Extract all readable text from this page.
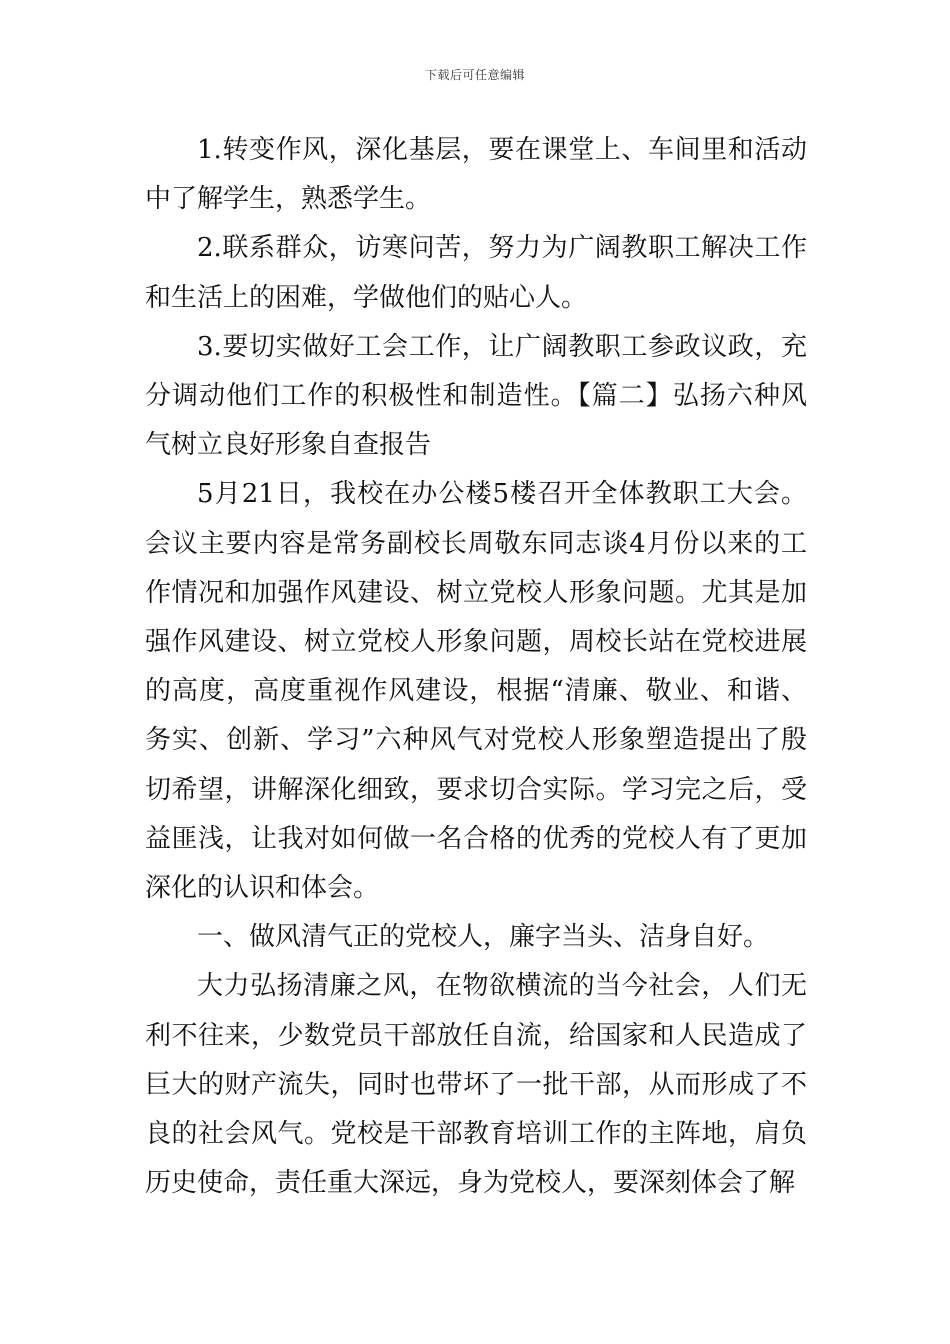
下载后可任意编辑

1.转变作风，深化基层，要在课堂上、车间里和活动中了解学生，熟悉学生。

2.联系群众，访寒问苦，努力为广阔教职工解决工作和生活上的困难，学做他们的贴心人。

3.要切实做好工会工作，让广阔教职工参政议政，充分调动他们工作的积极性和制造性。【篇二】弘扬六种风气树立良好形象自查报告

5月21日，我校在办公楼5楼召开全体教职工大会。会议主要内容是常务副校长周敬东同志谈4月份以来的工作情况和加强作风建设、树立党校人形象问题。尤其是加强作风建设、树立党校人形象问题，周校长站在党校进展的高度，高度重视作风建设，根据“清廉、敬业、和谐、务实、创新、学习”六种风气对党校人形象塑造提出了殷切希望，讲解深化细致，要求切合实际。学习完之后，受益匪浅，让我对如何做一名合格的优秀的党校人有了更加深化的认识和体会。

一、做风清气正的党校人，廉字当头、洁身自好。

大力弘扬清廉之风，在物欲横流的当今社会，人们无利不往来，少数党员干部放任自流，给国家和人民造成了巨大的财产流失，同时也带坏了一批干部，从而形成了不良的社会风气。党校是干部教育培训工作的主阵地，肩负历史使命，责任重大深远，身为党校人，要深刻体会了解
